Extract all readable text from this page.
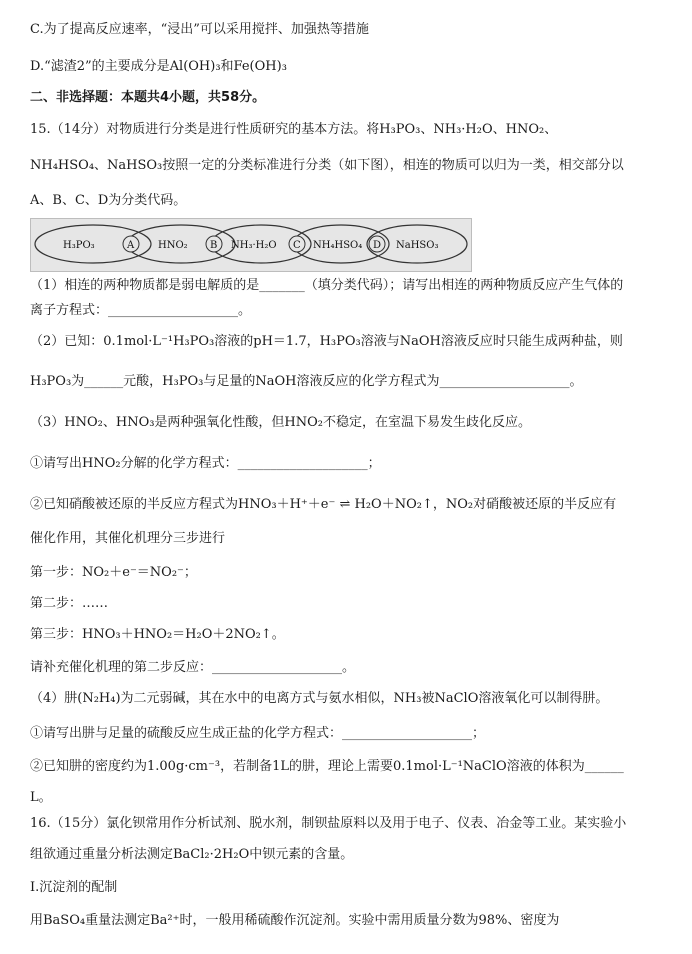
C.为了提高反应速率，“浸出”可以采用搅拌、加强热等措施
D.“滤渣2”的主要成分是Al(OH)₃和Fe(OH)₃
二、非选择题：本题共4小题，共58分。
15.（14分）对物质进行分类是进行性质研究的基本方法。将H₃PO₃、NH₃·H₂O、HNO₂、
NH₄HSO₄、NaHSO₃按照一定的分类标准进行分类（如下图），相连的物质可以归为一类，相交部分以
A、B、C、D为分类代码。
H₃PO₃	HNO₂	NH₃·H₂O	NH₄HSO₄	NaHSO₃
A	B	C	D
（1）相连的两种物质都是弱电解质的是_______（填分类代码）；请写出相连的两种物质反应产生气体的
离子方程式：____________________。
（2）已知：0.1mol·L⁻¹H₃PO₃溶液的pH＝1.7，H₃PO₃溶液与NaOH溶液反应时只能生成两种盐，则
H₃PO₃为______元酸，H₃PO₃与足量的NaOH溶液反应的化学方程式为____________________。
（3）HNO₂、HNO₃是两种强氧化性酸，但HNO₂不稳定，在室温下易发生歧化反应。
①请写出HNO₂分解的化学方程式：____________________；
②已知硝酸被还原的半反应方程式为HNO₃＋H⁺＋e⁻ ⇌ H₂O＋NO₂↑，NO₂对硝酸被还原的半反应有
催化作用，其催化机理分三步进行
第一步：NO₂＋e⁻＝NO₂⁻；
第二步：……
第三步：HNO₃＋HNO₂＝H₂O＋2NO₂↑。
请补充催化机理的第二步反应：____________________。
（4）肼(N₂H₄)为二元弱碱，其在水中的电离方式与氨水相似，NH₃被NaClO溶液氧化可以制得肼。
①请写出肼与足量的硫酸反应生成正盐的化学方程式：____________________；
②已知肼的密度约为1.00g·cm⁻³，若制备1L的肼，理论上需要0.1mol·L⁻¹NaClO溶液的体积为______
L。
16.（15分）氯化钡常用作分析试剂、脱水剂，制钡盐原料以及用于电子、仪表、冶金等工业。某实验小
组欲通过重量分析法测定BaCl₂·2H₂O中钡元素的含量。
I.沉淀剂的配制
用BaSO₄重量法测定Ba²⁺时，一般用稀硫酸作沉淀剂。实验中需用质量分数为98%、密度为
